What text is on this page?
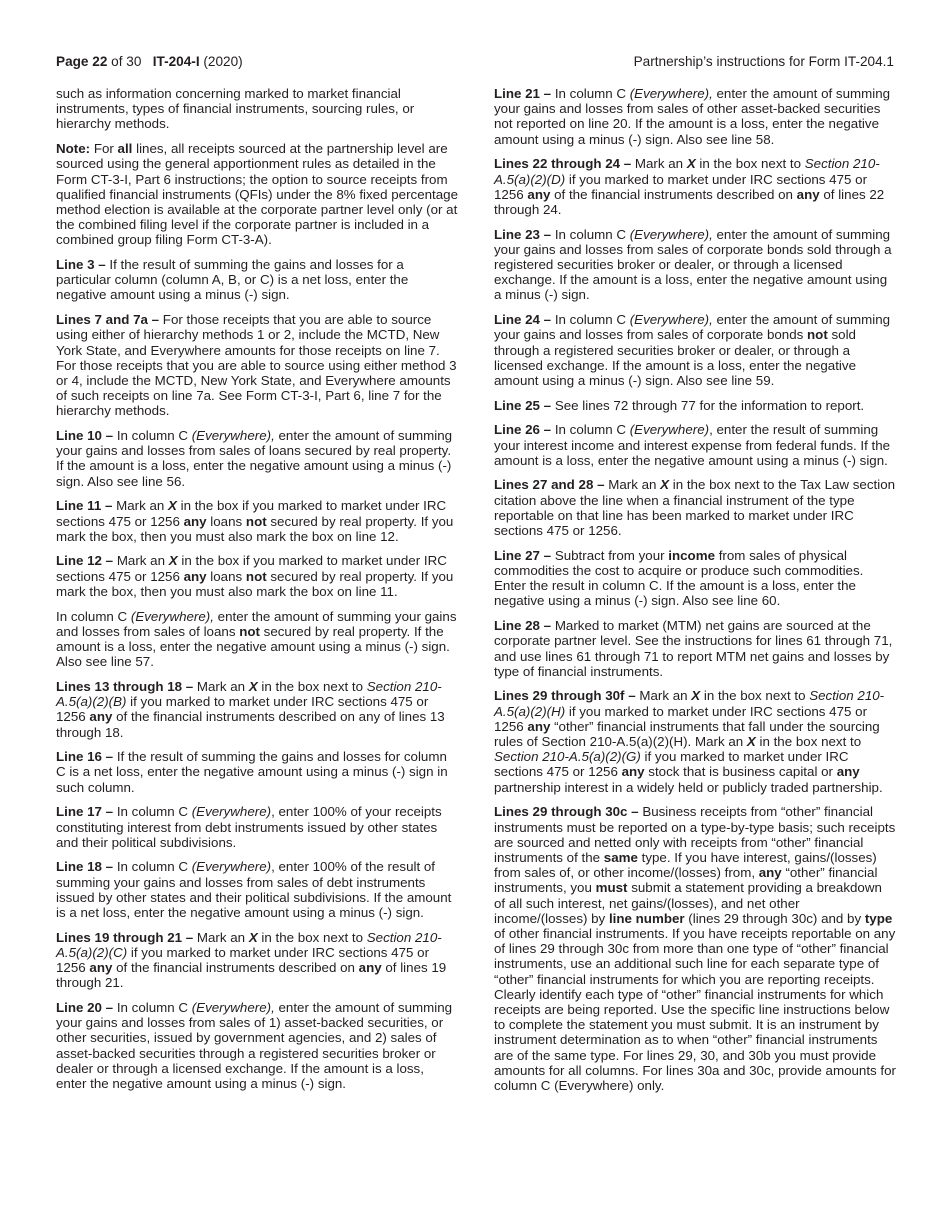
Page 22 of 30 IT-204-I (2020)	Partnership’s instructions for Form IT-204.1

such as information concerning marked to market financial instruments, types of financial instruments, sourcing rules, or hierarchy methods.

Note: For all lines, all receipts sourced at the partnership level are sourced using the general apportionment rules as detailed in the Form CT-3-I, Part 6 instructions; the option to source receipts from qualified financial instruments (QFIs) under the 8% fixed percentage method election is available at the corporate partner level only (or at the combined filing level if the corporate partner is included in a combined group filing Form CT-3-A).

Line 3 – If the result of summing the gains and losses for a particular column (column A, B, or C) is a net loss, enter the negative amount using a minus (-) sign.

Lines 7 and 7a – For those receipts that you are able to source using either of hierarchy methods 1 or 2, include the MCTD, New York State, and Everywhere amounts for those receipts on line 7. For those receipts that you are able to source using either method 3 or 4, include the MCTD, New York State, and Everywhere amounts of such receipts on line 7a. See Form CT-3-I, Part 6, line 7 for the hierarchy methods.

Line 10 – In column C (Everywhere), enter the amount of summing your gains and losses from sales of loans secured by real property. If the amount is a loss, enter the negative amount using a minus (-) sign. Also see line 56.

Line 11 – Mark an X in the box if you marked to market under IRC sections 475 or 1256 any loans not secured by real property. If you mark the box, then you must also mark the box on line 12.

Line 12 – Mark an X in the box if you marked to market under IRC sections 475 or 1256 any loans not secured by real property. If you mark the box, then you must also mark the box on line 11.

In column C (Everywhere), enter the amount of summing your gains and losses from sales of loans not secured by real property. If the amount is a loss, enter the negative amount using a minus (-) sign. Also see line 57.

Lines 13 through 18 – Mark an X in the box next to Section 210-A.5(a)(2)(B) if you marked to market under IRC sections 475 or 1256 any of the financial instruments described on any of lines 13 through 18.

Line 16 – If the result of summing the gains and losses for column C is a net loss, enter the negative amount using a minus (-) sign in such column.

Line 17 – In column C (Everywhere), enter 100% of your receipts constituting interest from debt instruments issued by other states and their political subdivisions.

Line 18 – In column C (Everywhere), enter 100% of the result of summing your gains and losses from sales of debt instruments issued by other states and their political subdivisions. If the amount is a net loss, enter the negative amount using a minus (-) sign.

Lines 19 through 21 – Mark an X in the box next to Section 210-A.5(a)(2)(C) if you marked to market under IRC sections 475 or 1256 any of the financial instruments described on any of lines 19 through 21.

Line 20 – In column C (Everywhere), enter the amount of summing your gains and losses from sales of 1) asset-backed securities, or other securities, issued by government agencies, and 2) sales of asset-backed securities through a registered securities broker or dealer or through a licensed exchange. If the amount is a loss, enter the negative amount using a minus (-) sign.

Line 21 – In column C (Everywhere), enter the amount of summing your gains and losses from sales of other asset-backed securities not reported on line 20. If the amount is a loss, enter the negative amount using a minus (-) sign. Also see line 58.

Lines 22 through 24 – Mark an X in the box next to Section 210-A.5(a)(2)(D) if you marked to market under IRC sections 475 or 1256 any of the financial instruments described on any of lines 22 through 24.

Line 23 – In column C (Everywhere), enter the amount of summing your gains and losses from sales of corporate bonds sold through a registered securities broker or dealer, or through a licensed exchange. If the amount is a loss, enter the negative amount using a minus (-) sign.

Line 24 – In column C (Everywhere), enter the amount of summing your gains and losses from sales of corporate bonds not sold through a registered securities broker or dealer, or through a licensed exchange. If the amount is a loss, enter the negative amount using a minus (-) sign. Also see line 59.

Line 25 – See lines 72 through 77 for the information to report.

Line 26 – In column C (Everywhere), enter the result of summing your interest income and interest expense from federal funds. If the amount is a loss, enter the negative amount using a minus (-) sign.

Lines 27 and 28 – Mark an X in the box next to the Tax Law section citation above the line when a financial instrument of the type reportable on that line has been marked to market under IRC sections 475 or 1256.

Line 27 – Subtract from your income from sales of physical commodities the cost to acquire or produce such commodities. Enter the result in column C. If the amount is a loss, enter the negative using a minus (-) sign. Also see line 60.

Line 28 – Marked to market (MTM) net gains are sourced at the corporate partner level. See the instructions for lines 61 through 71, and use lines 61 through 71 to report MTM net gains and losses by type of financial instruments.

Lines 29 through 30f – Mark an X in the box next to Section 210-A.5(a)(2)(H) if you marked to market under IRC sections 475 or 1256 any “other” financial instruments that fall under the sourcing rules of Section 210-A.5(a)(2)(H). Mark an X in the box next to Section 210-A.5(a)(2)(G) if you marked to market under IRC sections 475 or 1256 any stock that is business capital or any partnership interest in a widely held or publicly traded partnership.

Lines 29 through 30c – Business receipts from “other” financial instruments must be reported on a type-by-type basis; such receipts are sourced and netted only with receipts from “other” financial instruments of the same type. If you have interest, gains/(losses) from sales of, or other income/(losses) from, any “other” financial instruments, you must submit a statement providing a breakdown of all such interest, net gains/(losses), and net other income/(losses) by line number (lines 29 through 30c) and by type of other financial instruments. If you have receipts reportable on any of lines 29 through 30c from more than one type of “other” financial instruments, use an additional such line for each separate type of “other” financial instruments for which you are reporting receipts. Clearly identify each type of “other” financial instruments for which receipts are being reported. Use the specific line instructions below to complete the statement you must submit. It is an instrument by instrument determination as to when “other” financial instruments are of the same type. For lines 29, 30, and 30b you must provide amounts for all columns. For lines 30a and 30c, provide amounts for column C (Everywhere) only.
